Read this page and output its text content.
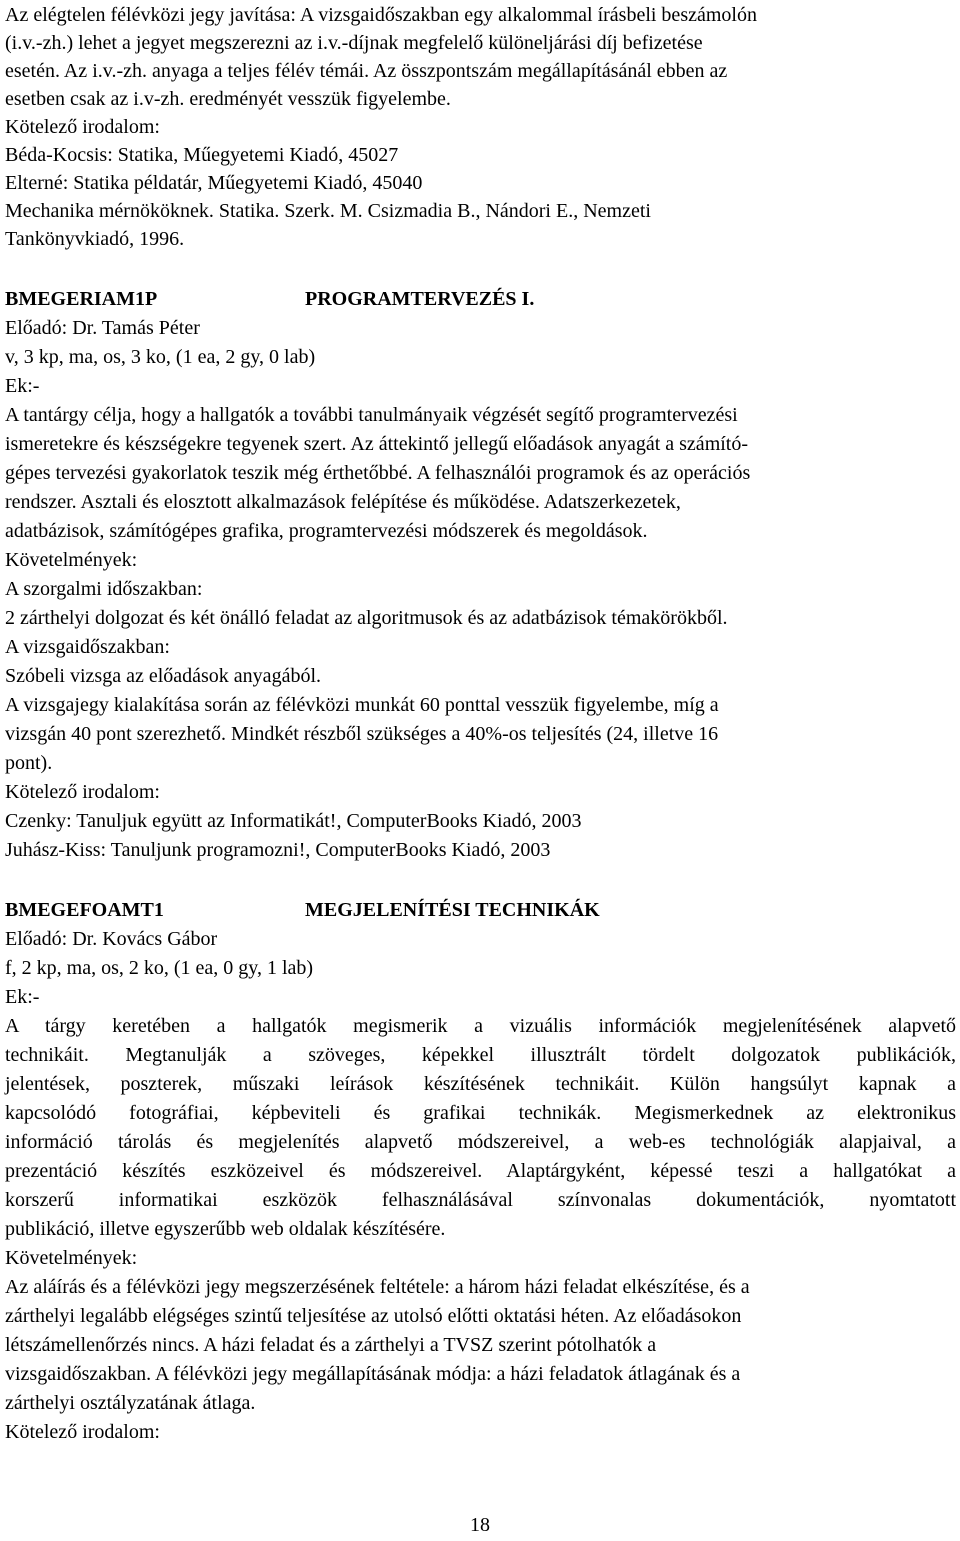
Az elégtelen félévközi jegy javítása: A vizsgaidőszakban egy alkalommal írásbeli beszámolón
(i.v.-zh.) lehet a jegyet megszerezni az i.v.-díjnak megfelelő különeljárási díj befizetése
esetén. Az i.v.-zh. anyaga a teljes félév témái. Az összpontszám megállapításánál ebben az
esetben csak az i.v-zh. eredményét vesszük figyelembe.
Kötelező irodalom:
Béda-Kocsis: Statika, Műegyetemi Kiadó, 45027
Elterné: Statika példatár, Műegyetemi Kiadó, 45040
Mechanika mérnököknek. Statika. Szerk. M. Csizmadia B., Nándori E., Nemzeti
Tankönyvkiadó, 1996.
BMEGERIAM1P	PROGRAMTERVEZÉS I.
Előadó: Dr. Tamás Péter
v, 3 kp, ma, os, 3 ko, (1 ea, 2 gy, 0 lab)
Ek:-
A tantárgy célja, hogy a hallgatók a további tanulmányaik végzését segítő programtervezési
ismeretekre és készségekre tegyenek szert. Az áttekintő jellegű előadások anyagát a számító-
gépes tervezési gyakorlatok teszik még érthetőbbé. A felhasználói programok és az operációs
rendszer. Asztali és elosztott alkalmazások felépítése és működése. Adatszerkezetek,
adatbázisok, számítógépes grafika, programtervezési módszerek és megoldások.
Követelmények:
A szorgalmi időszakban:
2 zárthelyi dolgozat és két önálló feladat az algoritmusok és az adatbázisok témakörökből.
A vizsgaidőszakban:
Szóbeli vizsga az előadások anyagából.
A vizsgajegy kialakítása során az félévközi munkát 60 ponttal vesszük figyelembe, míg a
vizsgán 40 pont szerezhető. Mindkét részből szükséges a 40%-os teljesítés (24, illetve 16
pont).
Kötelező irodalom:
Czenky: Tanuljuk együtt az Informatikát!, ComputerBooks Kiadó, 2003
Juhász-Kiss: Tanuljunk programozni!, ComputerBooks Kiadó, 2003
BMEGEFOAMT1	MEGJELENÍTÉSI TECHNIKÁK
Előadó: Dr. Kovács Gábor
f, 2 kp, ma, os, 2 ko, (1 ea, 0 gy, 1 lab)
Ek:-
A tárgy keretében a hallgatók megismerik a vizuális információk megjelenítésének alapvető
technikáit. Megtanulják a szöveges, képekkel illusztrált tördelt dolgozatok publikációk,
jelentések, poszterek, műszaki leírások készítésének technikáit. Külön hangsúlyt kapnak a
kapcsolódó fotográfiai, képbeviteli és grafikai technikák. Megismerkednek az elektronikus
információ tárolás és megjelenítés alapvető módszereivel, a web-es technológiák alapjaival, a
prezentáció készítés eszközeivel és módszereivel. Alaptárgyként, képessé teszi a hallgatókat a
korszerű informatikai eszközök felhasználásával színvonalas dokumentációk, nyomtatott
publikáció, illetve egyszerűbb web oldalak készítésére.
Követelmények:
Az aláírás és a félévközi jegy megszerzésének feltétele: a három házi feladat elkészítése, és a
zárthelyi legalább elégséges szintű teljesítése az utolsó előtti oktatási héten. Az előadásokon
létszámellenőrzés nincs. A házi feladat és a zárthelyi a TVSZ szerint pótolhatók a
vizsgaidőszakban. A félévközi jegy megállapításának módja: a házi feladatok átlagának és a
zárthelyi osztályzatának átlaga.
Kötelező irodalom:
18
